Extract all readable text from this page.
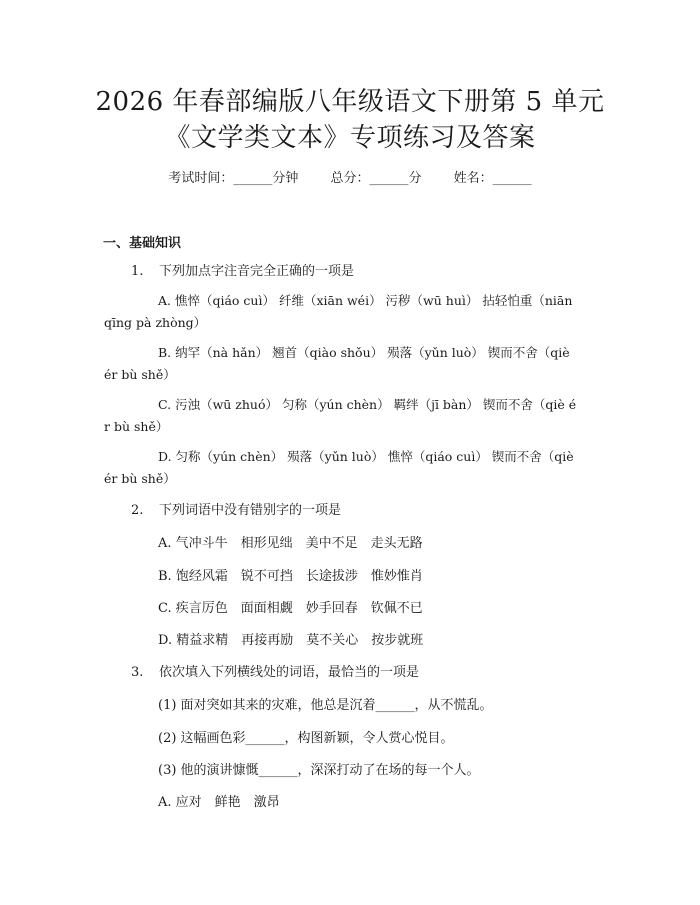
2026 年春部编版八年级语文下册第 5 单元
《文学类文本》专项练习及答案
考试时间：______分钟 总分：______分 姓名：______
一、基础知识
1. 下列加点字注音完全正确的一项是
A. 憔悴（qiáo cuì） 纤维（xiān wéi） 污秽（wū huì） 拈轻怕重（niān qīng pà zhòng）
B. 纳罕（nà hǎn） 翘首（qiào shǒu） 殒落（yǔn luò） 锲而不舍（qiè ér bù shě）
C. 污浊（wū zhuó） 匀称（yún chèn） 羁绊（jī bàn） 锲而不舍（qiè ér bù shě）
D. 匀称（yún chèn） 殒落（yǔn luò） 憔悴（qiáo cuì） 锲而不舍（qiè ér bù shě）
2. 下列词语中没有错别字的一项是
A. 气冲斗牛　相形见绌　美中不足　走头无路
B. 饱经风霜　锐不可挡　长途拔涉　惟妙惟肖
C. 疾言厉色　面面相觑　妙手回春　钦佩不已
D. 精益求精　再接再励　莫不关心　按步就班
3. 依次填入下列横线处的词语，最恰当的一项是
(1) 面对突如其来的灾难，他总是沉着______，从不慌乱。
(2) 这幅画色彩______，构图新颖，令人赏心悦目。
(3) 他的演讲慷慨______，深深打动了在场的每一个人。
A. 应对　鲜艳　激昂
